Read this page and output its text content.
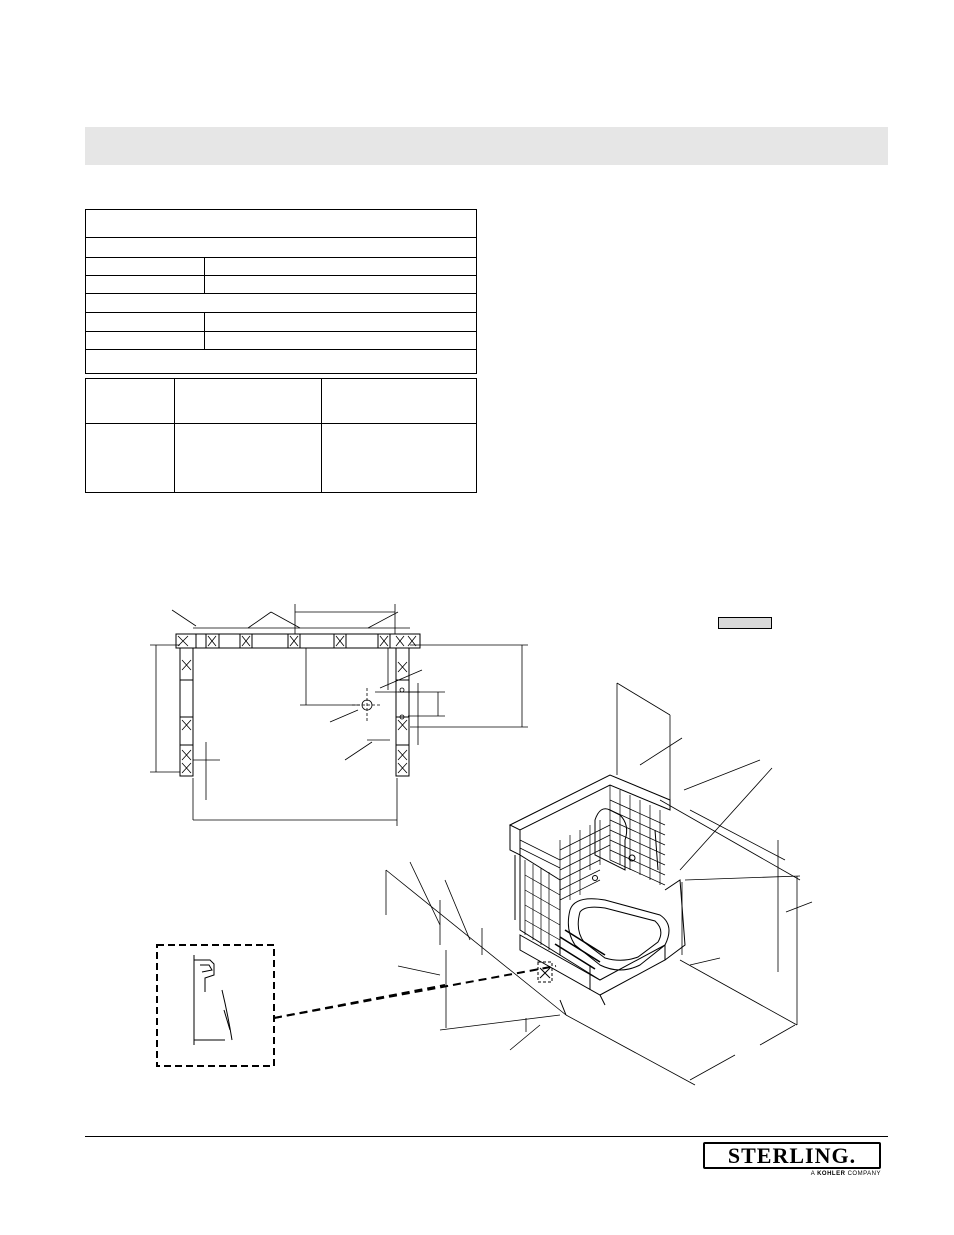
STERLING.
A KOHLER COMPANY
